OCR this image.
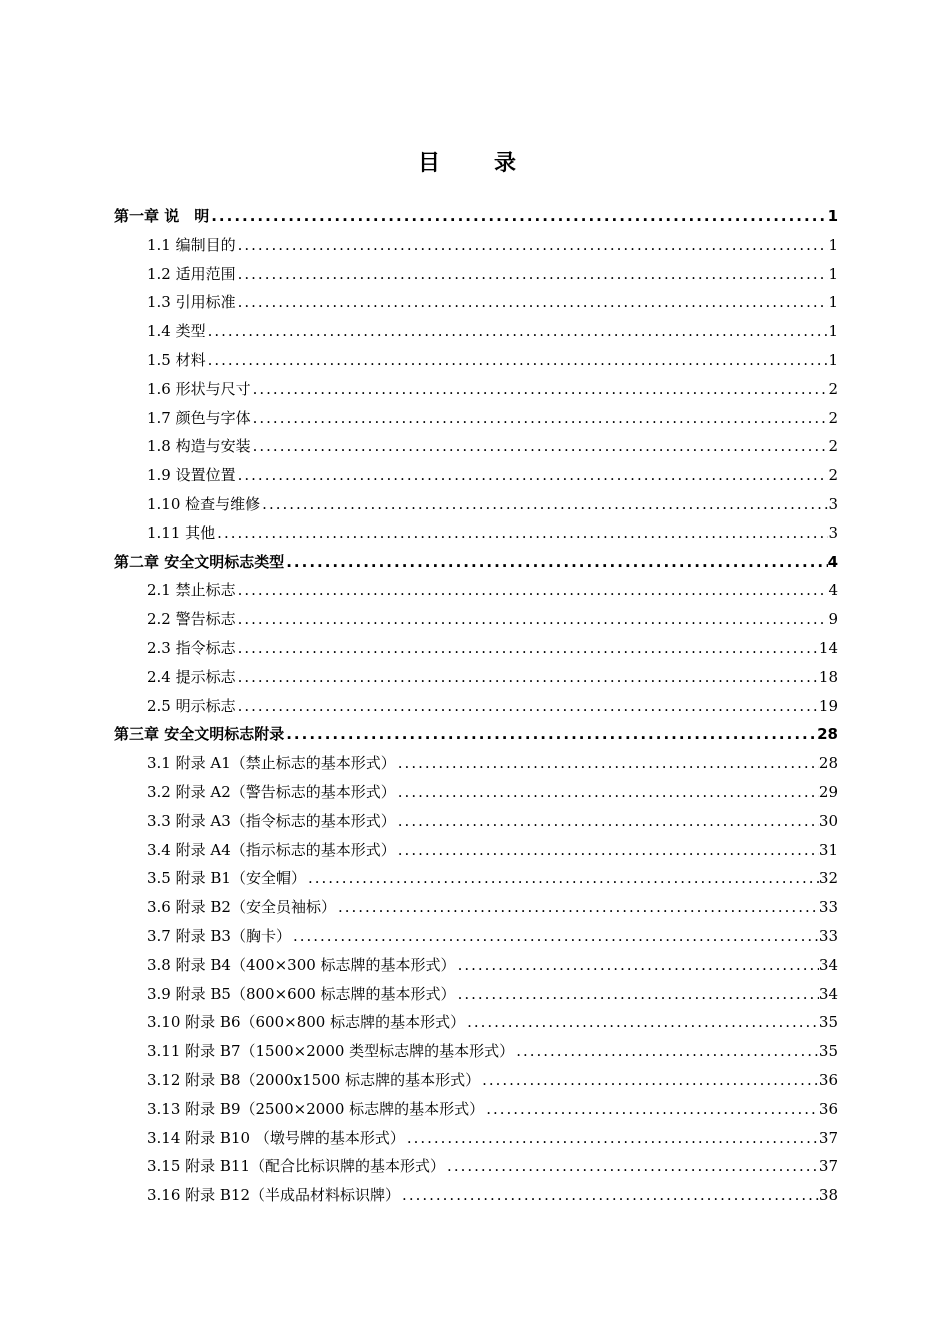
目　录
第一章 说　明 .....	1
1.1 编制目的 .....	1
1.2 适用范围 .....	1
1.3 引用标准 .....	1
1.4 类型 .....	1
1.5 材料 .....	1
1.6 形状与尺寸 .....	2
1.7 颜色与字体 .....	2
1.8 构造与安装 .....	2
1.9 设置位置 .....	2
1.10 检查与维修 .....	3
1.11 其他 .....	3
第二章 安全文明标志类型 .....	4
2.1 禁止标志 .....	4
2.2 警告标志 .....	9
2.3 指令标志 .....	14
2.4 提示标志 .....	18
2.5 明示标志 .....	19
第三章 安全文明标志附录 .....	28
3.1 附录 A1（禁止标志的基本形式） .....	28
3.2 附录 A2（警告标志的基本形式） .....	29
3.3 附录 A3（指令标志的基本形式） .....	30
3.4 附录 A4（指示标志的基本形式） .....	31
3.5 附录 B1（安全帽） .....	32
3.6 附录 B2（安全员袖标） .....	33
3.7 附录 B3（胸卡） .....	33
3.8 附录 B4（400×300 标志牌的基本形式） .....	34
3.9 附录 B5（800×600 标志牌的基本形式） .....	34
3.10 附录 B6（600×800 标志牌的基本形式） .....	35
3.11 附录 B7（1500×2000 类型标志牌的基本形式） .....	35
3.12 附录 B8（2000x1500 标志牌的基本形式） .....	36
3.13 附录 B9（2500×2000 标志牌的基本形式） .....	36
3.14 附录 B10 （墩号牌的基本形式） .....	37
3.15 附录 B11（配合比标识牌的基本形式） .....	37
3.16 附录 B12（半成品材料标识牌） .....	38
